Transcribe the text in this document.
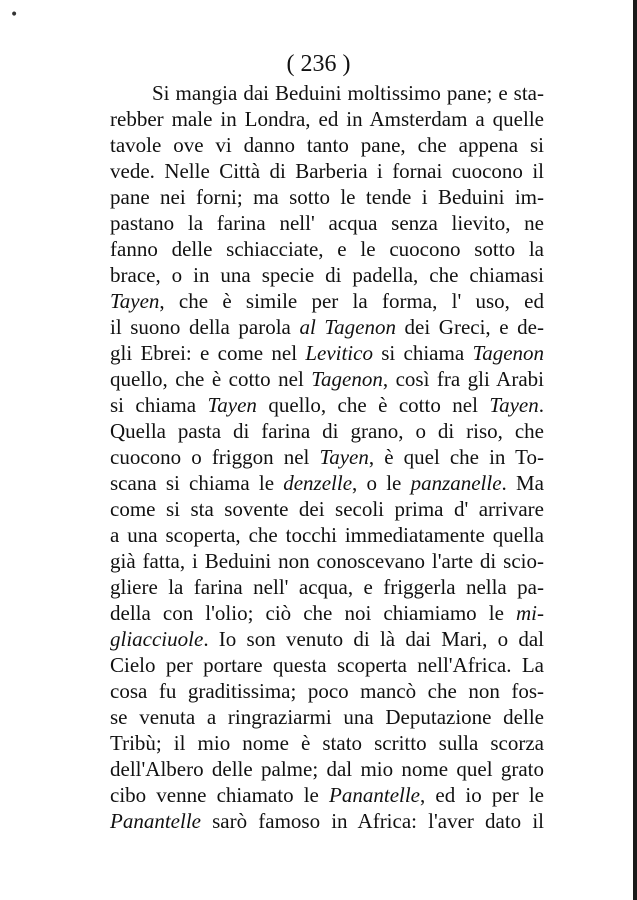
•
( 236 )
Si mangia dai Beduini moltissimo pane; e sta-
rebber male in Londra, ed in Amsterdam a quelle
tavole ove vi danno tanto pane, che appena si
vede. Nelle Città di Barberia i fornai cuocono il
pane nei forni; ma sotto le tende i Beduini im-
pastano la farina nell' acqua senza lievito, ne
fanno delle schiacciate, e le cuocono sotto la
brace, o in una specie di padella, che chiamasi
Tayen, che è simile per la forma, l' uso, ed
il suono della parola al Tagenon dei Greci, e de-
gli Ebrei: e come nel Levitico si chiama Tagenon
quello, che è cotto nel Tagenon, così fra gli Arabi
si chiama Tayen quello, che è cotto nel Tayen.
Quella pasta di farina di grano, o di riso, che
cuocono o friggon nel Tayen, è quel che in To-
scana si chiama le denzelle, o le panzanelle. Ma
come si sta sovente dei secoli prima d' arrivare
a una scoperta, che tocchi immediatamente quella
già fatta, i Beduini non conoscevano l'arte di scio-
gliere la farina nell' acqua, e friggerla nella pa-
della con l'olio; ciò che noi chiamiamo le mi-
gliacciuole. Io son venuto di là dai Mari, o dal
Cielo per portare questa scoperta nell'Africa. La
cosa fu graditissima; poco mancò che non fos-
se venuta a ringraziarmi una Deputazione delle
Tribù; il mio nome è stato scritto sulla scorza
dell'Albero delle palme; dal mio nome quel grato
cibo venne chiamato le Panantelle, ed io per le
Panantelle sarò famoso in Africa: l'aver dato il
